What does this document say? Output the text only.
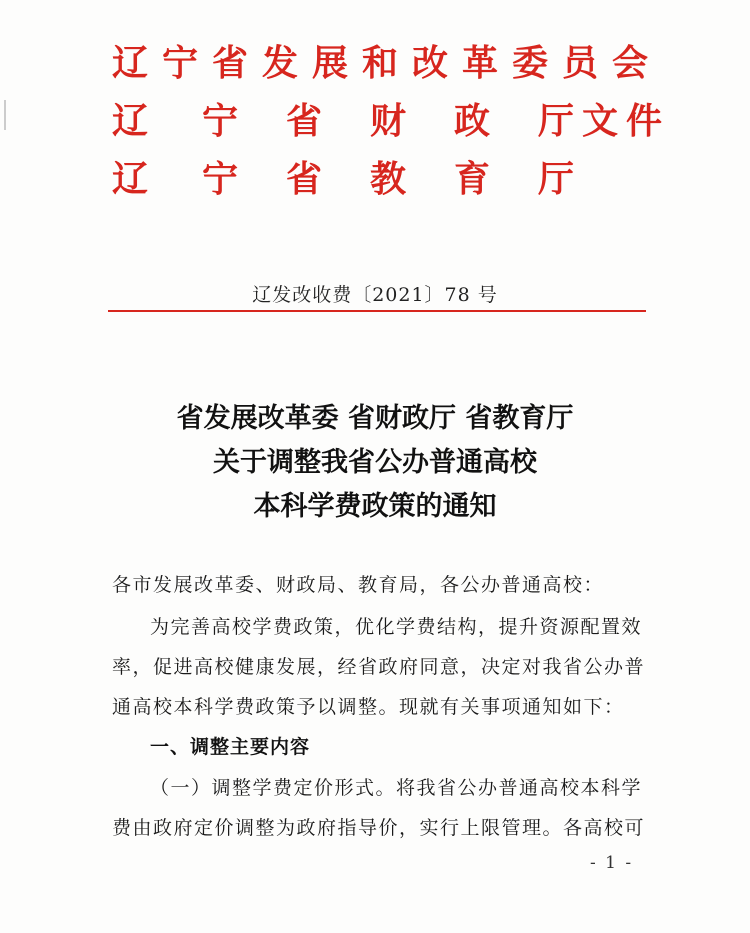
辽 宁 省 发 展 和 改 革 委 员 会
辽 宁 省 财 政 厅 文 件
辽 宁 省 教 育 厅
辽发改收费〔2021〕78 号
省发展改革委 省财政厅 省教育厅
关于调整我省公办普通高校
本科学费政策的通知
各市发展改革委、财政局、教育局，各公办普通高校：
为完善高校学费政策，优化学费结构，提升资源配置效
率，促进高校健康发展，经省政府同意，决定对我省公办普
通高校本科学费政策予以调整。现就有关事项通知如下：
一、调整主要内容
（一）调整学费定价形式。将我省公办普通高校本科学
费由政府定价调整为政府指导价，实行上限管理。各高校可
- 1 -
